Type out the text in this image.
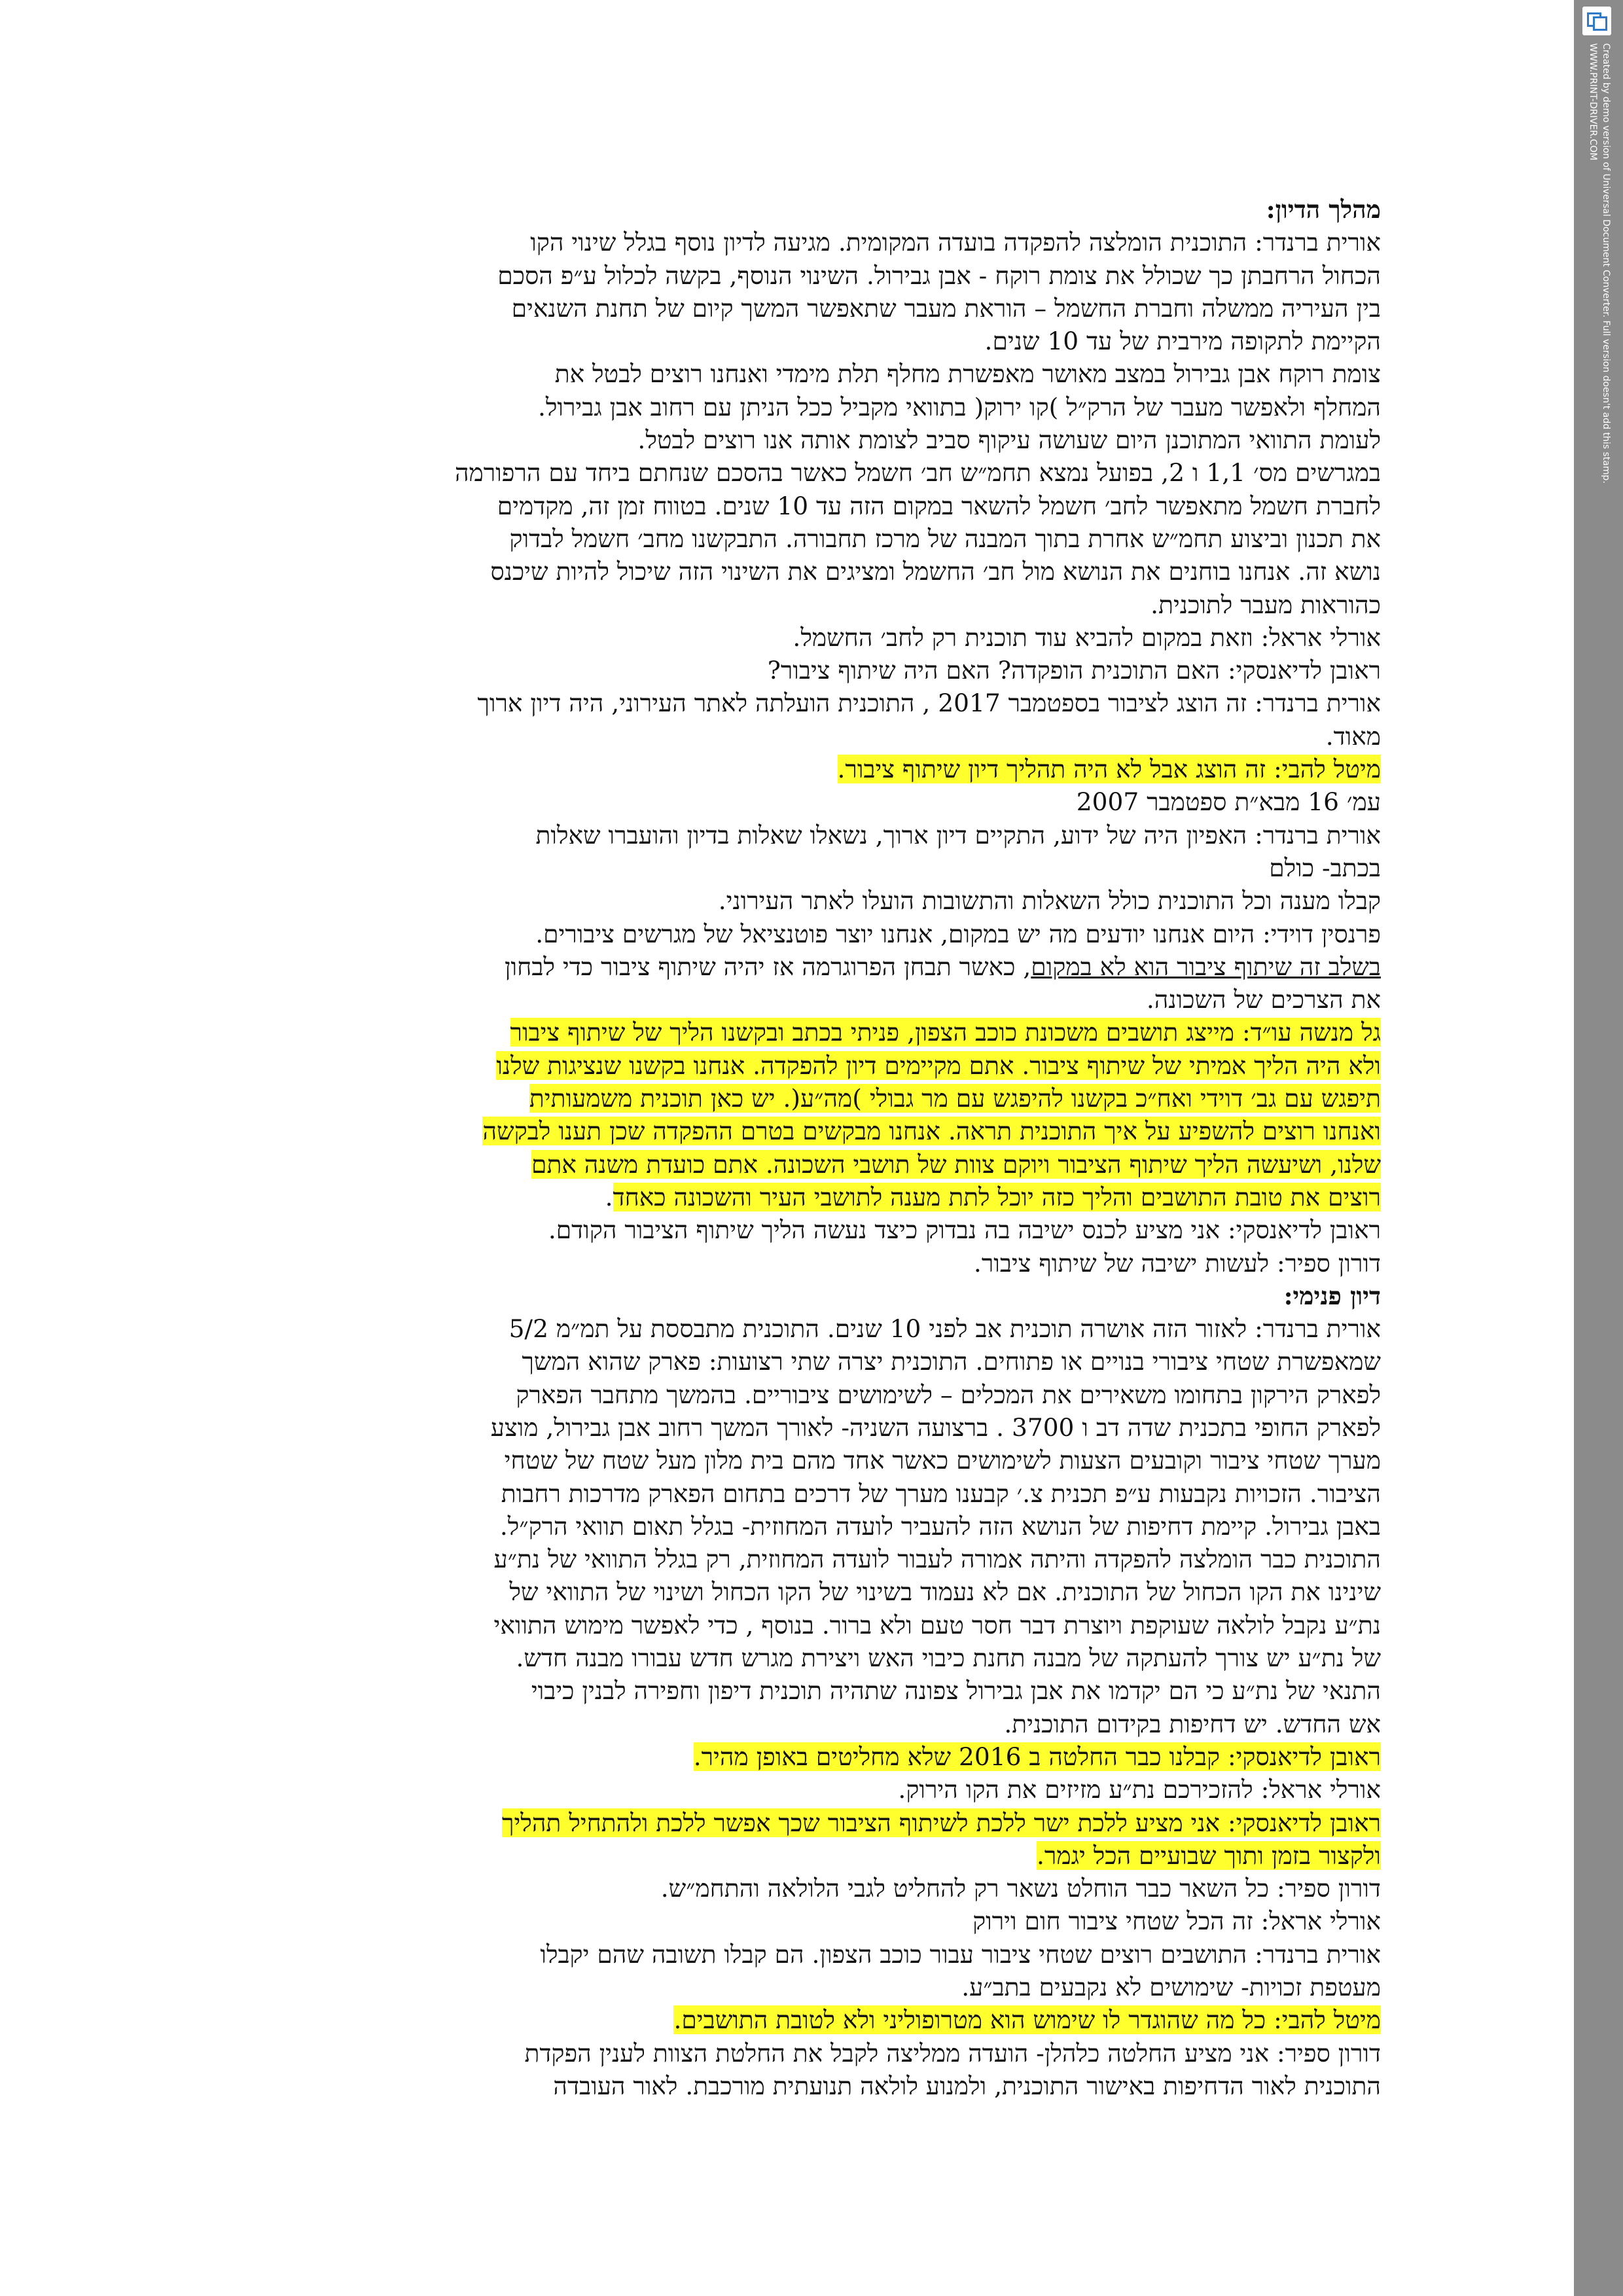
Created by demo version of Universal Document Converter. Full version doesn't add this stamp.
WWW.PRINT-DRIVER.COM
מהלך הדיון:
אורית ברנדר: התוכנית הומלצה להפקדה בועדה המקומית. מגיעה לדיון נוסף בגלל שינוי הקו
הכחול הרחבתן כך שכולל את צומת רוקח - אבן גבירול. השינוי הנוסף, בקשה לכלול ע״פ הסכם
בין העיריה ממשלה וחברת החשמל – הוראת מעבר שתאפשר המשך קיום של תחנת השנאים
הקיימת לתקופה מירבית של עד 10 שנים.
צומת רוקח אבן גבירול במצב מאושר מאפשרת מחלף תלת מימדי ואנחנו רוצים לבטל את
המחלף ולאפשר מעבר של הרק״ל )קו ירוק( בתוואי מקביל ככל הניתן עם רחוב אבן גבירול.
לעומת התוואי המתוכנן היום שעושה עיקוף סביב לצומת אותה אנו רוצים לבטל.
במגרשים מס׳ 1,1 ו 2, בפועל נמצא תחמ״ש חב׳ חשמל כאשר בהסכם שנחתם ביחד עם הרפורמה
לחברת חשמל מתאפשר לחב׳ חשמל להשאר במקום הזה עד 10 שנים. בטווח זמן זה, מקדמים
את תכנון וביצוע תחמ״ש אחרת בתוך המבנה של מרכז תחבורה. התבקשנו מחב׳ חשמל לבדוק
נושא זה. אנחנו בוחנים את הנושא מול חב׳ החשמל ומציגים את השינוי הזה שיכול להיות שיכנס
כהוראות מעבר לתוכנית.
אורלי אראל: וזאת במקום להביא עוד תוכנית רק לחב׳ החשמל.
ראובן לדיאנסקי: האם התוכנית הופקדה? האם היה שיתוף ציבור?
אורית ברנדר: זה הוצג לציבור בספטמבר 2017 , התוכנית הועלתה לאתר העירוני, היה דיון ארוך
מאוד.
מיטל להבי: זה הוצג אבל לא היה תהליך דיון שיתוף ציבור.
עמ׳ 16 מבא״ת ספטמבר 2007
אורית ברנדר: האפיון היה של ידוע, התקיים דיון ארוך, נשאלו שאלות בדיון והועברו שאלות
בכתב- כולם
קבלו מענה וכל התוכנית כולל השאלות והתשובות הועלו לאתר העירוני.
פרנסין דוידי: היום אנחנו יודעים מה יש במקום, אנחנו יוצר פוטנציאל של מגרשים ציבורים.
בשלב זה שיתוף ציבור הוא לא במקום, כאשר תבחן הפרוגרמה אז יהיה שיתוף ציבור כדי לבחון
את הצרכים של השכונה.
גל מנשה עו״ד: מייצג תושבים משכונת כוכב הצפון, פניתי בכתב ובקשנו הליך של שיתוף ציבור
ולא היה הליך אמיתי של שיתוף ציבור. אתם מקיימים דיון להפקדה. אנחנו בקשנו שנציגות שלנו
תיפגש עם גב׳ דוידי ואח״כ בקשנו להיפגש עם מר גבולי )מה״ע(. יש כאן תוכנית משמעותית
ואנחנו רוצים להשפיע על איך התוכנית תראה. אנחנו מבקשים בטרם ההפקדה שכן תענו לבקשה
שלנו, ושיעשה הליך שיתוף הציבור ויוקם צוות של תושבי השכונה. אתם כועדת משנה אתם
רוצים את טובת התושבים והליך כזה יוכל לתת מענה לתושבי העיר והשכונה כאחד.
ראובן לדיאנסקי: אני מציע לכנס ישיבה בה נבדוק כיצד נעשה הליך שיתוף הציבור הקודם.
דורון ספיר: לעשות ישיבה של שיתוף ציבור.
דיון פנימי:
אורית ברנדר: לאזור הזה אושרה תוכנית אב לפני 10 שנים. התוכנית מתבססת על תמ״מ 5/2
שמאפשרת שטחי ציבורי בנויים או פתוחים. התוכנית יצרה שתי רצועות: פארק שהוא המשך
לפארק הירקון בתחומו משאירים את המכלים – לשימושים ציבוריים. בהמשך מתחבר הפארק
לפארק החופי בתכנית שדה דב ו 3700 . ברצועה השניה- לאורך המשך רחוב אבן גבירול, מוצע
מערך שטחי ציבור וקובעים הצעות לשימושים כאשר אחד מהם בית מלון מעל שטח של שטחי
הציבור. הזכויות נקבעות ע״פ תכנית צ.׳ קבענו מערך של דרכים בתחום הפארק מדרכות רחבות
באבן גבירול. קיימת דחיפות של הנושא הזה להעביר לועדה המחוזית- בגלל תאום תוואי הרק״ל.
התוכנית כבר הומלצה להפקדה והיתה אמורה לעבור לועדה המחוזית, רק בגלל התוואי של נת״ע
שינינו את הקו הכחול של התוכנית. אם לא נעמוד בשינוי של הקו הכחול ושינוי של התוואי של
נת״ע נקבל לולאה שעוקפת ויוצרת דבר חסר טעם ולא ברור. בנוסף , כדי לאפשר מימוש התוואי
של נת״ע יש צורך להעתקה של מבנה תחנת כיבוי האש ויצירת מגרש חדש עבורו מבנה חדש.
התנאי של נת״ע כי הם יקדמו את אבן גבירול צפונה שתהיה תוכנית דיפון וחפירה לבנין כיבוי
אש החדש. יש דחיפות בקידום התוכנית.
ראובן לדיאנסקי: קבלנו כבר החלטה ב 2016 שלא מחליטים באופן מהיר.
אורלי אראל: להזכירכם נת״ע מזיזים את הקו הירוק.
ראובן לדיאנסקי: אני מציע ללכת ישר ללכת לשיתוף הציבור שכך אפשר ללכת ולהתחיל תהליך
ולקצור בזמן ותוך שבועיים הכל יגמר.
דורון ספיר: כל השאר כבר הוחלט נשאר רק להחליט לגבי הלולאה והתחמ״ש.
אורלי אראל: זה הכל שטחי ציבור חום וירוק
אורית ברנדר: התושבים רוצים שטחי ציבור עבור כוכב הצפון. הם קבלו תשובה שהם יקבלו
מעטפת זכויות- שימושים לא נקבעים בתב״ע.
מיטל להבי: כל מה שהוגדר לו שימוש הוא מטרופוליני ולא לטובת התושבים.
דורון ספיר: אני מציע החלטה כלהלן- הועדה ממליצה לקבל את החלטת הצוות לענין הפקדת
התוכנית לאור הדחיפות באישור התוכנית, ולמנוע לולאה תנועתית מורכבת. לאור העובדה
